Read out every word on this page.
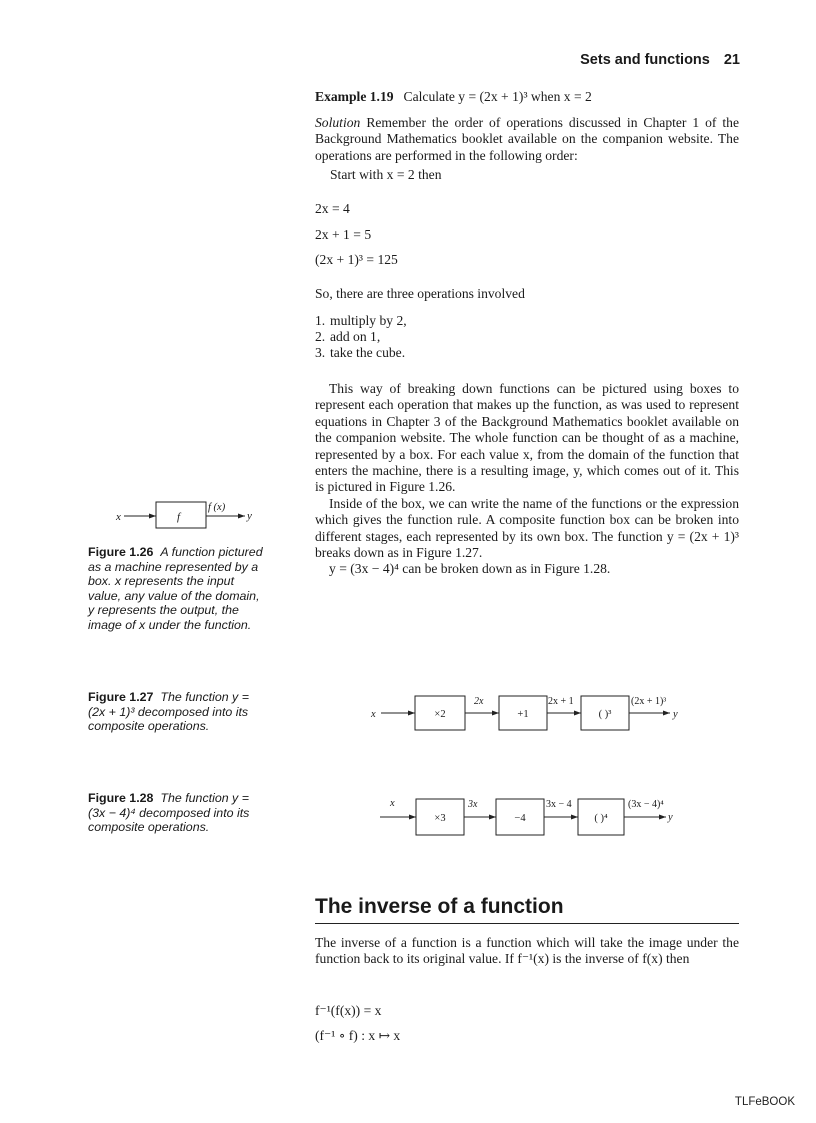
Sets and functions 21
Example 1.19 Calculate y = (2x + 1)³ when x = 2
Solution Remember the order of operations discussed in Chapter 1 of the Background Mathematics booklet available on the companion website. The operations are performed in the following order:
Start with x = 2 then
2x = 4
2x + 1 = 5
(2x + 1)³ = 125
So, there are three operations involved
1. multiply by 2,
2. add on 1,
3. take the cube.
This way of breaking down functions can be pictured using boxes to represent each operation that makes up the function, as was used to represent equations in Chapter 3 of the Background Mathematics booklet available on the companion website. The whole function can be thought of as a machine, represented by a box. For each value x, from the domain of the function that enters the machine, there is a resulting image, y, which comes out of it. This is pictured in Figure 1.26.
Inside of the box, we can write the name of the functions or the expression which gives the function rule. A composite function box can be broken into different stages, each represented by its own box. The function y = (2x + 1)³ breaks down as in Figure 1.27.
y = (3x − 4)⁴ can be broken down as in Figure 1.28.
x	f
f (x)
y
Figure 1.26 A function pictured as a machine represented by a box. x represents the input value, any value of the domain, y represents the output, the image of x under the function.
x	×2
2x
+1
2x + 1
( )³
(2x + 1)³
y
Figure 1.27 The function y = (2x + 1)³ decomposed into its composite operations.
x
×3
3x
−4
3x − 4
( )⁴
(3x − 4)⁴
y
Figure 1.28 The function y = (3x − 4)⁴ decomposed into its composite operations.
The inverse of a function
The inverse of a function is a function which will take the image under the function back to its original value. If f⁻¹(x) is the inverse of f(x) then
f⁻¹(f(x)) = x
(f⁻¹ ∘ f) : x ↦ x
TLFeBOOK
